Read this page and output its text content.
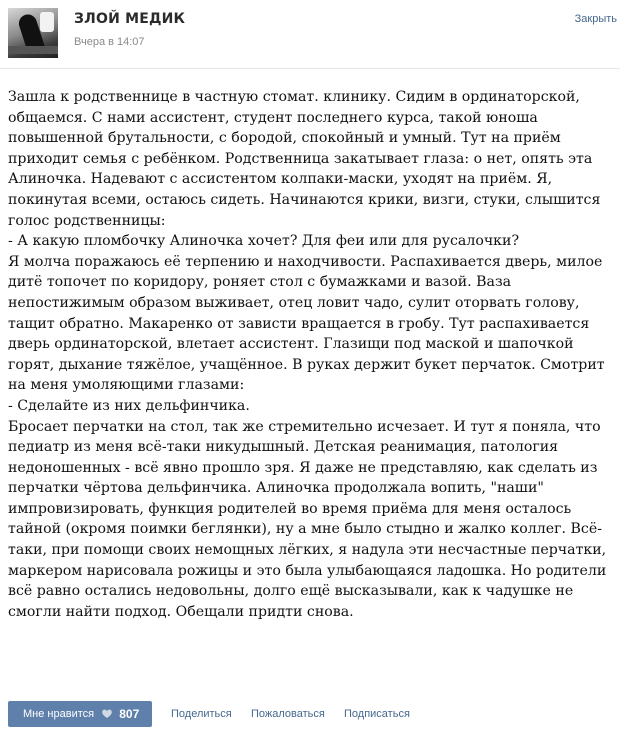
ЗЛОЙ МЕДИК
Вчера в 14:07
Закрыть

Зашла к родственнице в частную стомат. клинику. Сидим в ординаторской,

общаемся. С нами ассистент, студент последнего курса, такой юноша

повышенной брутальности, с бородой, спокойный и умный. Тут на приём

приходит семья с ребёнком. Родственница закатывает глаза: о нет, опять эта

Алиночка. Надевают с ассистентом колпаки-маски, уходят на приём. Я,

покинутая всеми, остаюсь сидеть. Начинаются крики, визги, стуки, слышится

голос родственницы:

- А какую пломбочку Алиночка хочет? Для феи или для русалочки?

Я молча поражаюсь её терпению и находчивости. Распахивается дверь, милое

дитё топочет по коридору, роняет стол с бумажками и вазой. Ваза

непостижимым образом выживает, отец ловит чадо, сулит оторвать голову,

тащит обратно. Макаренко от зависти вращается в гробу. Тут распахивается

дверь ординаторской, влетает ассистент. Глазищи под маской и шапочкой

горят, дыхание тяжёлое, учащённое. В руках держит букет перчаток. Смотрит

на меня умоляющими глазами:

- Сделайте из них дельфинчика.

Бросает перчатки на стол, так же стремительно исчезает. И тут я поняла, что

педиатр из меня всё-таки никудышный. Детская реанимация, патология

недоношенных - всё явно прошло зря. Я даже не представляю, как сделать из

перчатки чёртова дельфинчика. Алиночка продолжала вопить, "наши"

импровизировать, функция родителей во время приёма для меня осталось

тайной (окромя поимки беглянки), ну а мне было стыдно и жалко коллег. Всё-

таки, при помощи своих немощных лёгких, я надула эти несчастные перчатки,

маркером нарисовала рожицы и это была улыбающаяся ладошка. Но родители

всё равно остались недовольны, долго ещё высказывали, как к чадушке не

смогли найти подход. Обещали придти снова.

Мне нравится 807	Поделиться Пожаловаться Подписаться
